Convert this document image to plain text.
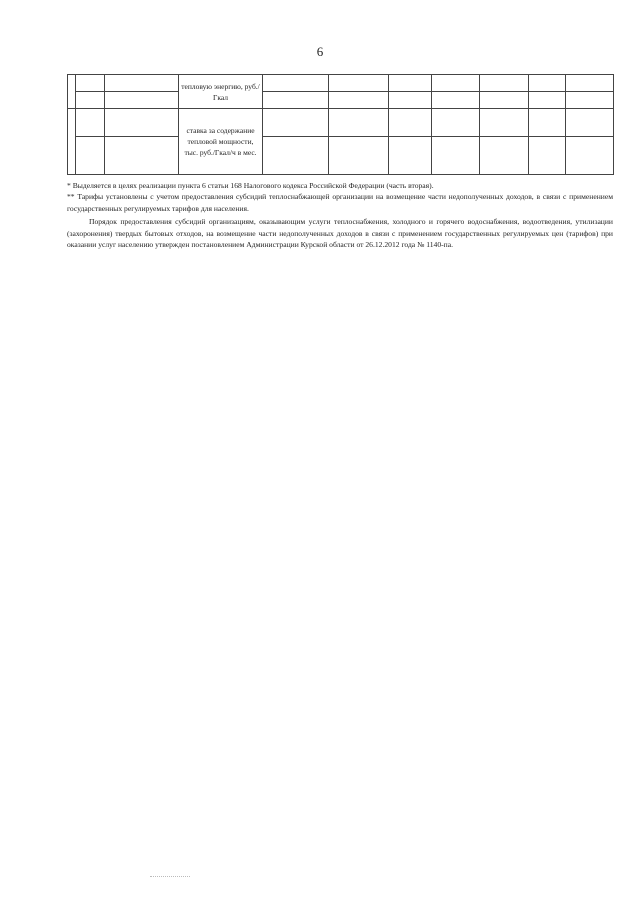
6
			тепловую энергию, руб./Гкал							

			ставка за содержание тепловой мощности, тыс. руб./Гкал/ч в мес.							

* Выделяется в целях реализации пункта 6 статьи 168 Налогового кодекса Российской Федерации (часть вторая).

** Тарифы установлены с учетом предоставления субсидий теплоснабжающей организации на возмещение части недополученных доходов, в связи с применением государственных регулируемых тарифов для населения.

Порядок предоставления субсидий организациям, оказывающим услуги теплоснабжения, холодного и горячего водоснабжения, водоотведения, утилизации (захоронения) твердых бытовых отходов, на возмещение части недополученных доходов в связи с применением государственных регулируемых цен (тарифов) при оказании услуг населению утвержден постановлением Администрации Курской области от 26.12.2012 года № 1140-па.
